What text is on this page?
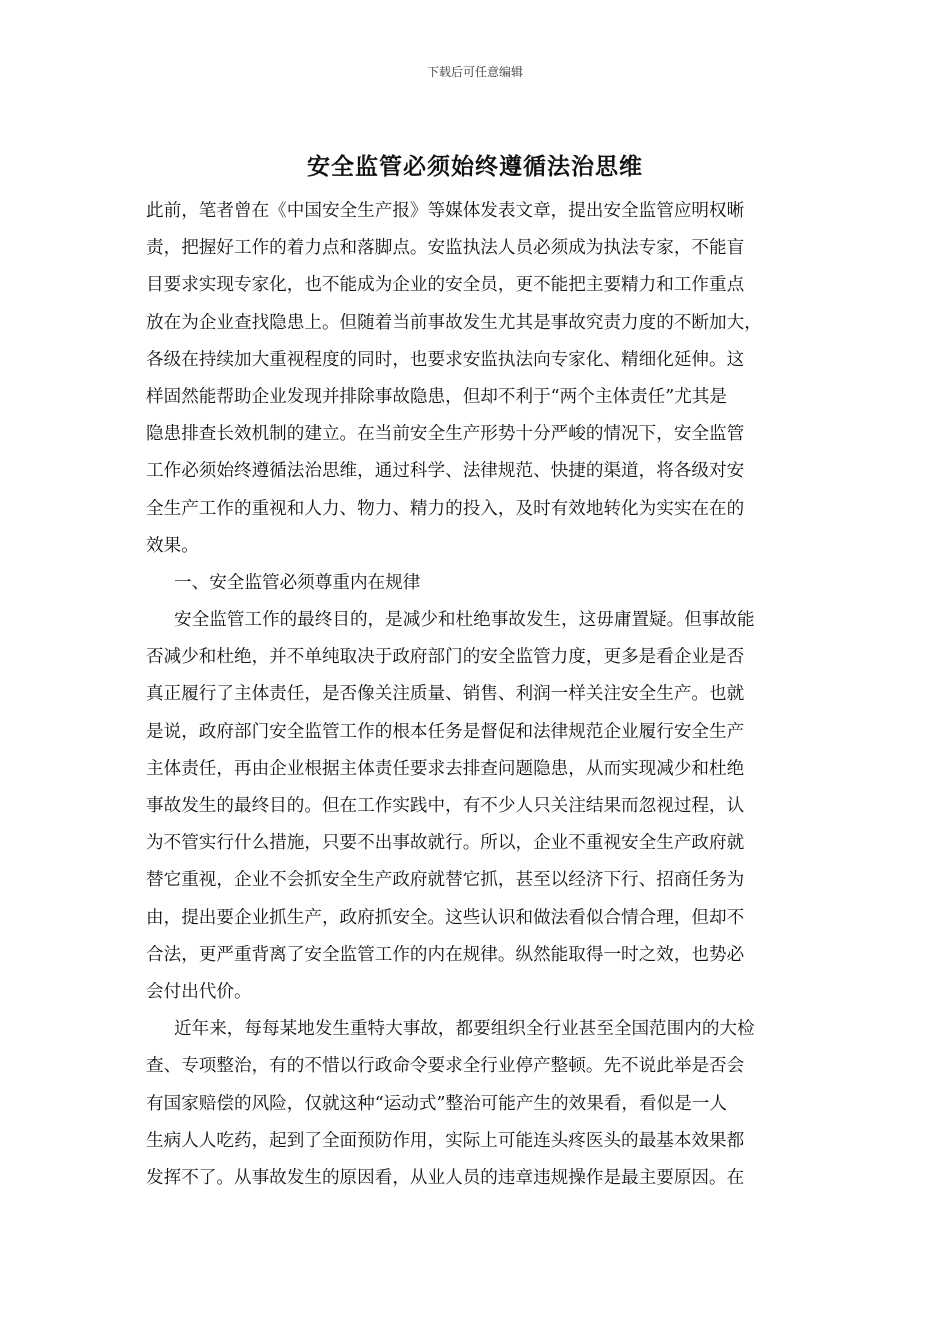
下载后可任意编辑
安全监管必须始终遵循法治思维
此前，笔者曾在《中国安全生产报》等媒体发表文章，提出安全监管应明权晰
责，把握好工作的着力点和落脚点。安监执法人员必须成为执法专家，不能盲
目要求实现专家化，也不能成为企业的安全员，更不能把主要精力和工作重点
放在为企业查找隐患上。但随着当前事故发生尤其是事故究责力度的不断加大，
各级在持续加大重视程度的同时，也要求安监执法向专家化、精细化延伸。这
样固然能帮助企业发现并排除事故隐患，但却不利于“两个主体责任”尤其是
隐患排查长效机制的建立。在当前安全生产形势十分严峻的情况下，安全监管
工作必须始终遵循法治思维，通过科学、法律规范、快捷的渠道，将各级对安
全生产工作的重视和人力、物力、精力的投入，及时有效地转化为实实在在的
效果。
一、安全监管必须尊重内在规律
安全监管工作的最终目的，是减少和杜绝事故发生，这毋庸置疑。但事故能
否减少和杜绝，并不单纯取决于政府部门的安全监管力度，更多是看企业是否
真正履行了主体责任，是否像关注质量、销售、利润一样关注安全生产。也就
是说，政府部门安全监管工作的根本任务是督促和法律规范企业履行安全生产
主体责任，再由企业根据主体责任要求去排查问题隐患，从而实现减少和杜绝
事故发生的最终目的。但在工作实践中，有不少人只关注结果而忽视过程，认
为不管实行什么措施，只要不出事故就行。所以，企业不重视安全生产政府就
替它重视，企业不会抓安全生产政府就替它抓，甚至以经济下行、招商任务为
由，提出要企业抓生产，政府抓安全。这些认识和做法看似合情合理，但却不
合法，更严重背离了安全监管工作的内在规律。纵然能取得一时之效，也势必
会付出代价。
近年来，每每某地发生重特大事故，都要组织全行业甚至全国范围内的大检
查、专项整治，有的不惜以行政命令要求全行业停产整顿。先不说此举是否会
有国家赔偿的风险，仅就这种“运动式”整治可能产生的效果看，看似是一人
生病人人吃药，起到了全面预防作用，实际上可能连头疼医头的最基本效果都
发挥不了。从事故发生的原因看，从业人员的违章违规操作是最主要原因。在
